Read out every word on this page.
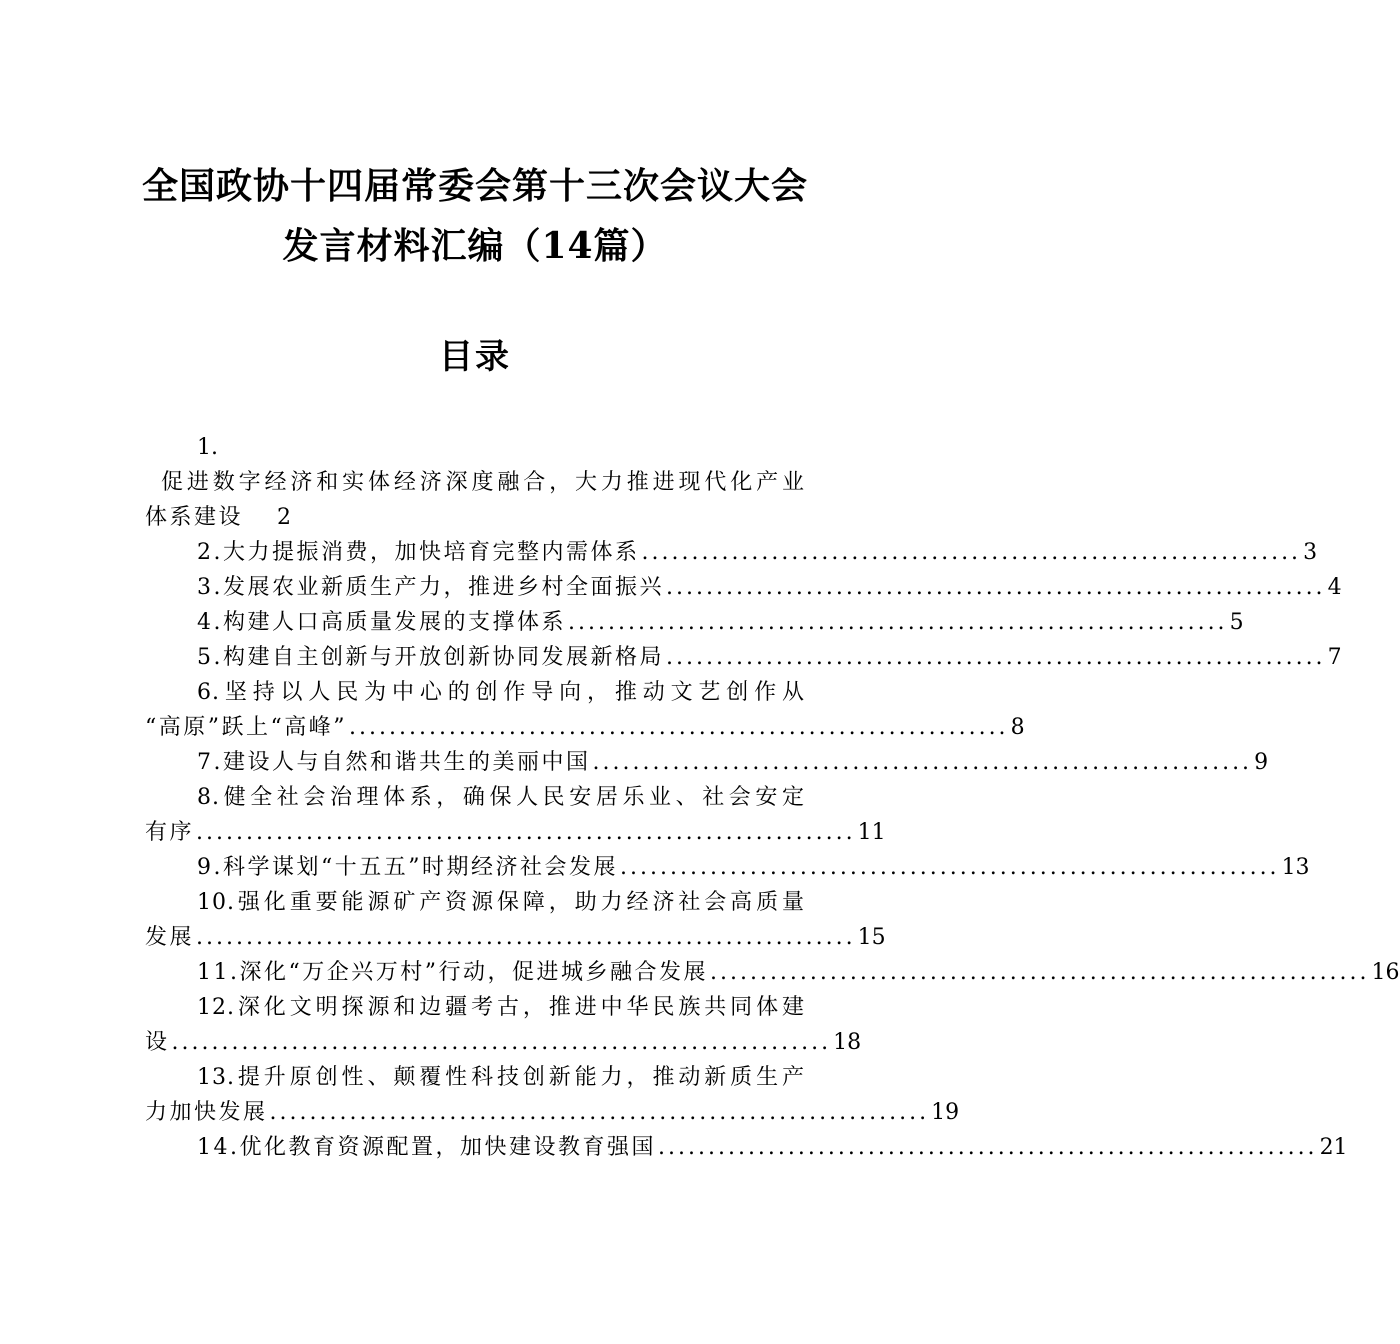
全国政协十四届常委会第十三次会议大会
发言材料汇编（14篇）
目录
1.
促进数字经济和实体经济深度融合，大力推进现代化产业
体系建设 2
2.大力提振消费，加快培育完整内需体系 .................................................................. 3
3.发展农业新质生产力，推进乡村全面振兴 .................................................................. 4
4.构建人口高质量发展的支撑体系 .................................................................. 5
5.构建自主创新与开放创新协同发展新格局 .................................................................. 7
6.坚持以人民为中心的创作导向，推动文艺创作从
“高原”跃上“高峰” .................................................................. 8
7.建设人与自然和谐共生的美丽中国 .................................................................. 9
8.健全社会治理体系，确保人民安居乐业、社会安定
有序 .................................................................. 11
9.科学谋划“十五五”时期经济社会发展 .................................................................. 13
10.强化重要能源矿产资源保障，助力经济社会高质量
发展 .................................................................. 15
11.深化“万企兴万村”行动，促进城乡融合发展 .................................................................. 16
12.深化文明探源和边疆考古，推进中华民族共同体建
设 .................................................................. 18
13.提升原创性、颠覆性科技创新能力，推动新质生产
力加快发展 .................................................................. 19
14.优化教育资源配置，加快建设教育强国 .................................................................. 21
